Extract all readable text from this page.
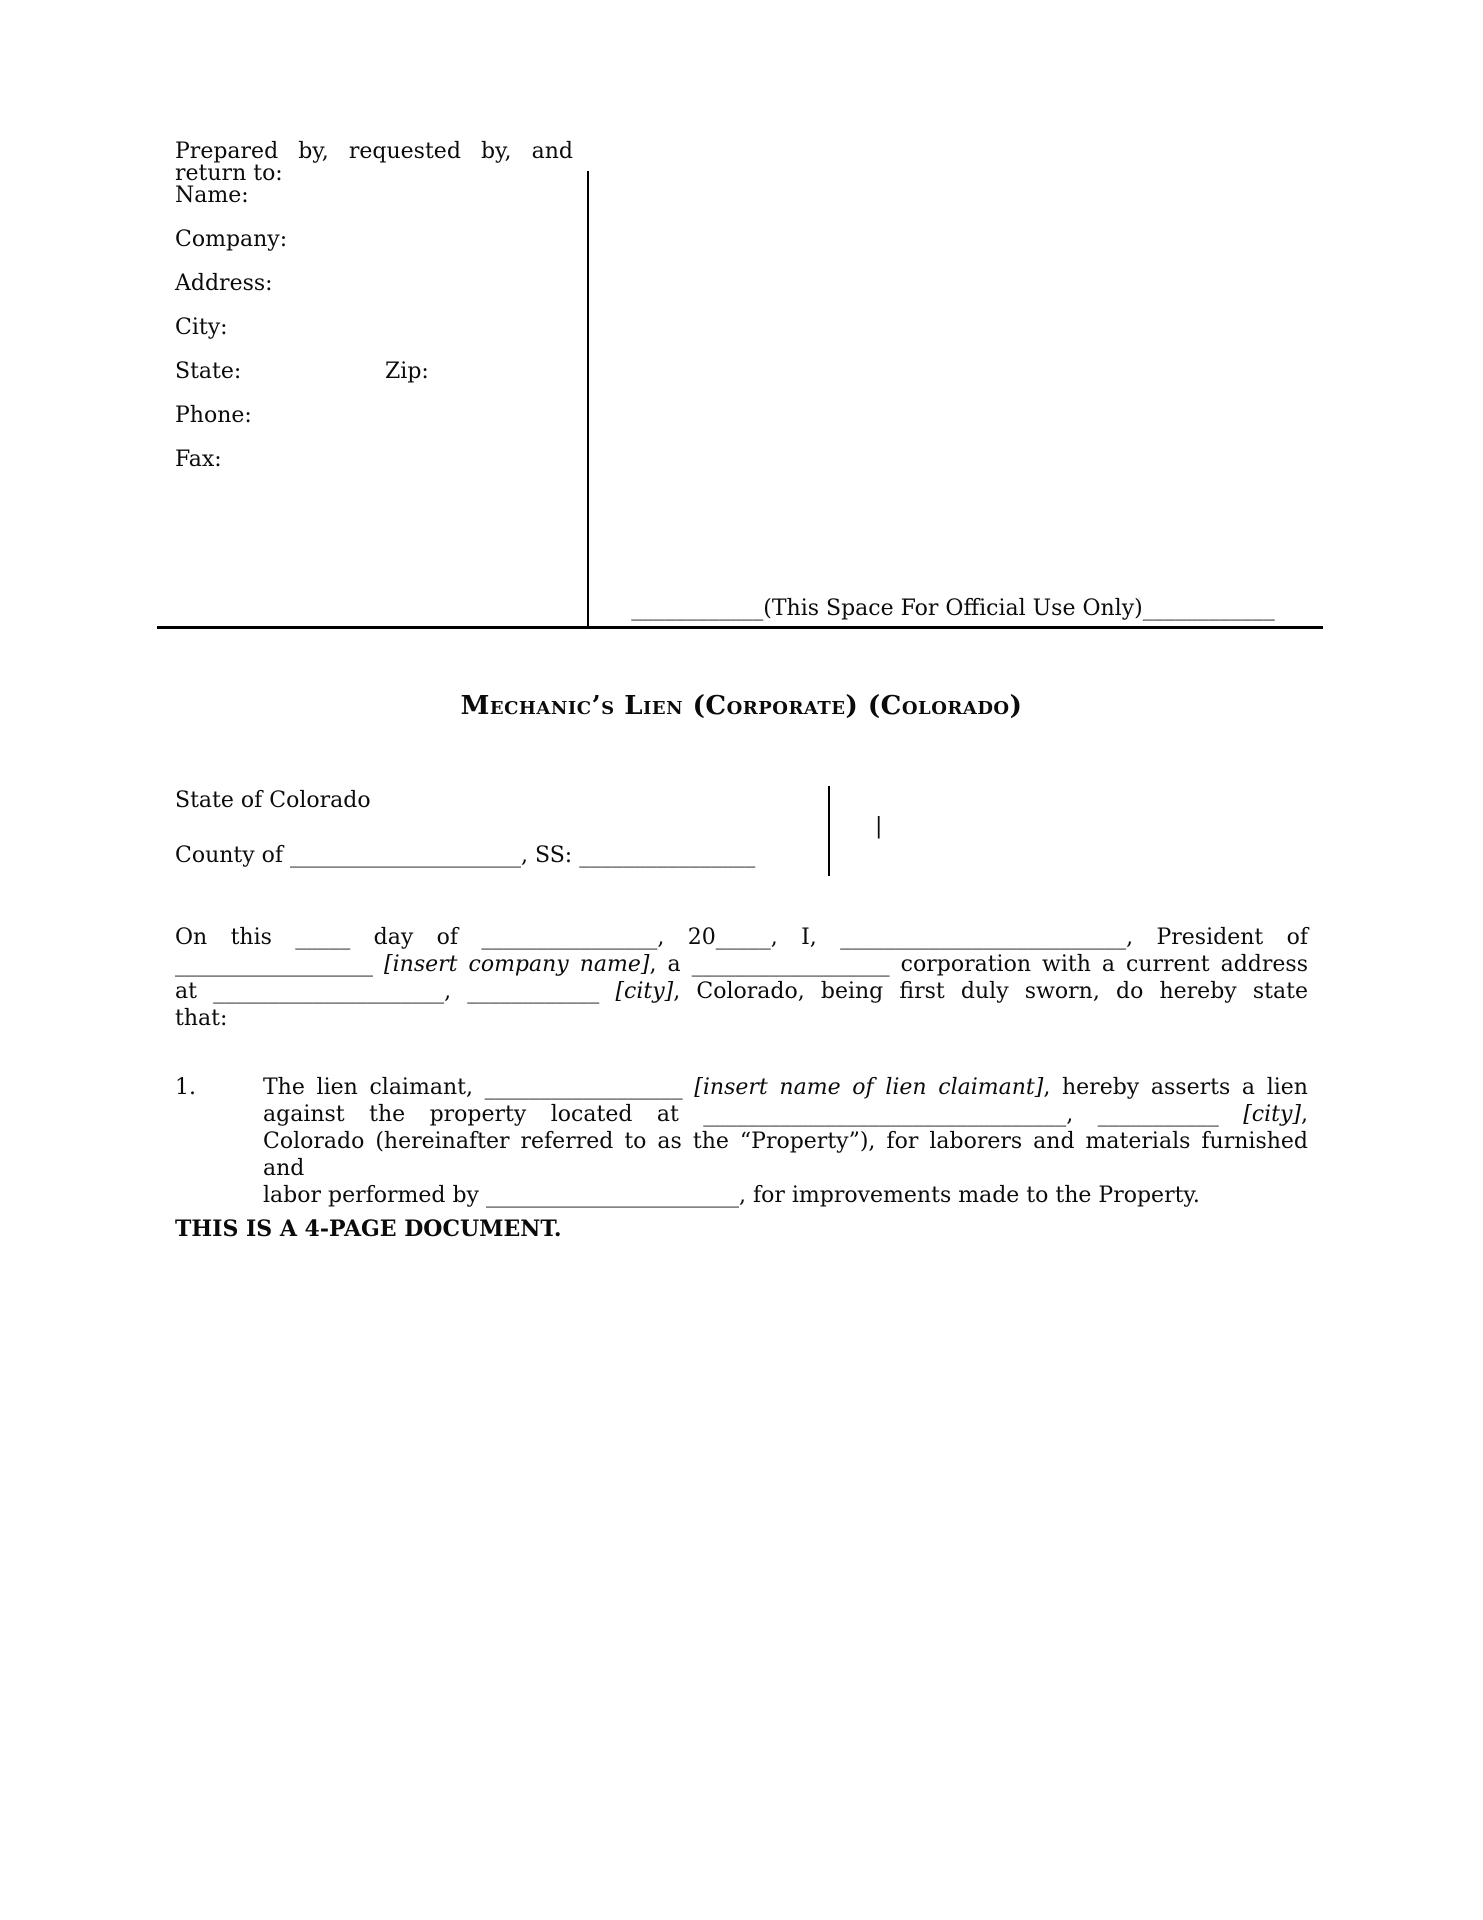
Prepared by, requested by, and
return to:
Name:
Company:
Address:
City:
State:	Zip:
Phone:
Fax:
____________(This Space For Official Use Only)____________
Mechanic’s Lien (Corporate) (Colorado)
State of Colorado
County of _____________________, SS: ________________
|
On this _____ day of ________________, 20_____, I, __________________________, President of
__________________ [insert company name], a __________________ corporation with a current address
at _____________________, ____________ [city], Colorado, being first duly sworn, do hereby state
that:
1.	The lien claimant, __________________ [insert name of lien claimant], hereby asserts a lien
against the property located at _________________________________, ___________ [city],
Colorado (hereinafter referred to as the “Property”), for laborers and materials furnished and
labor performed by _______________________, for improvements made to the Property.
THIS IS A 4-PAGE DOCUMENT.
